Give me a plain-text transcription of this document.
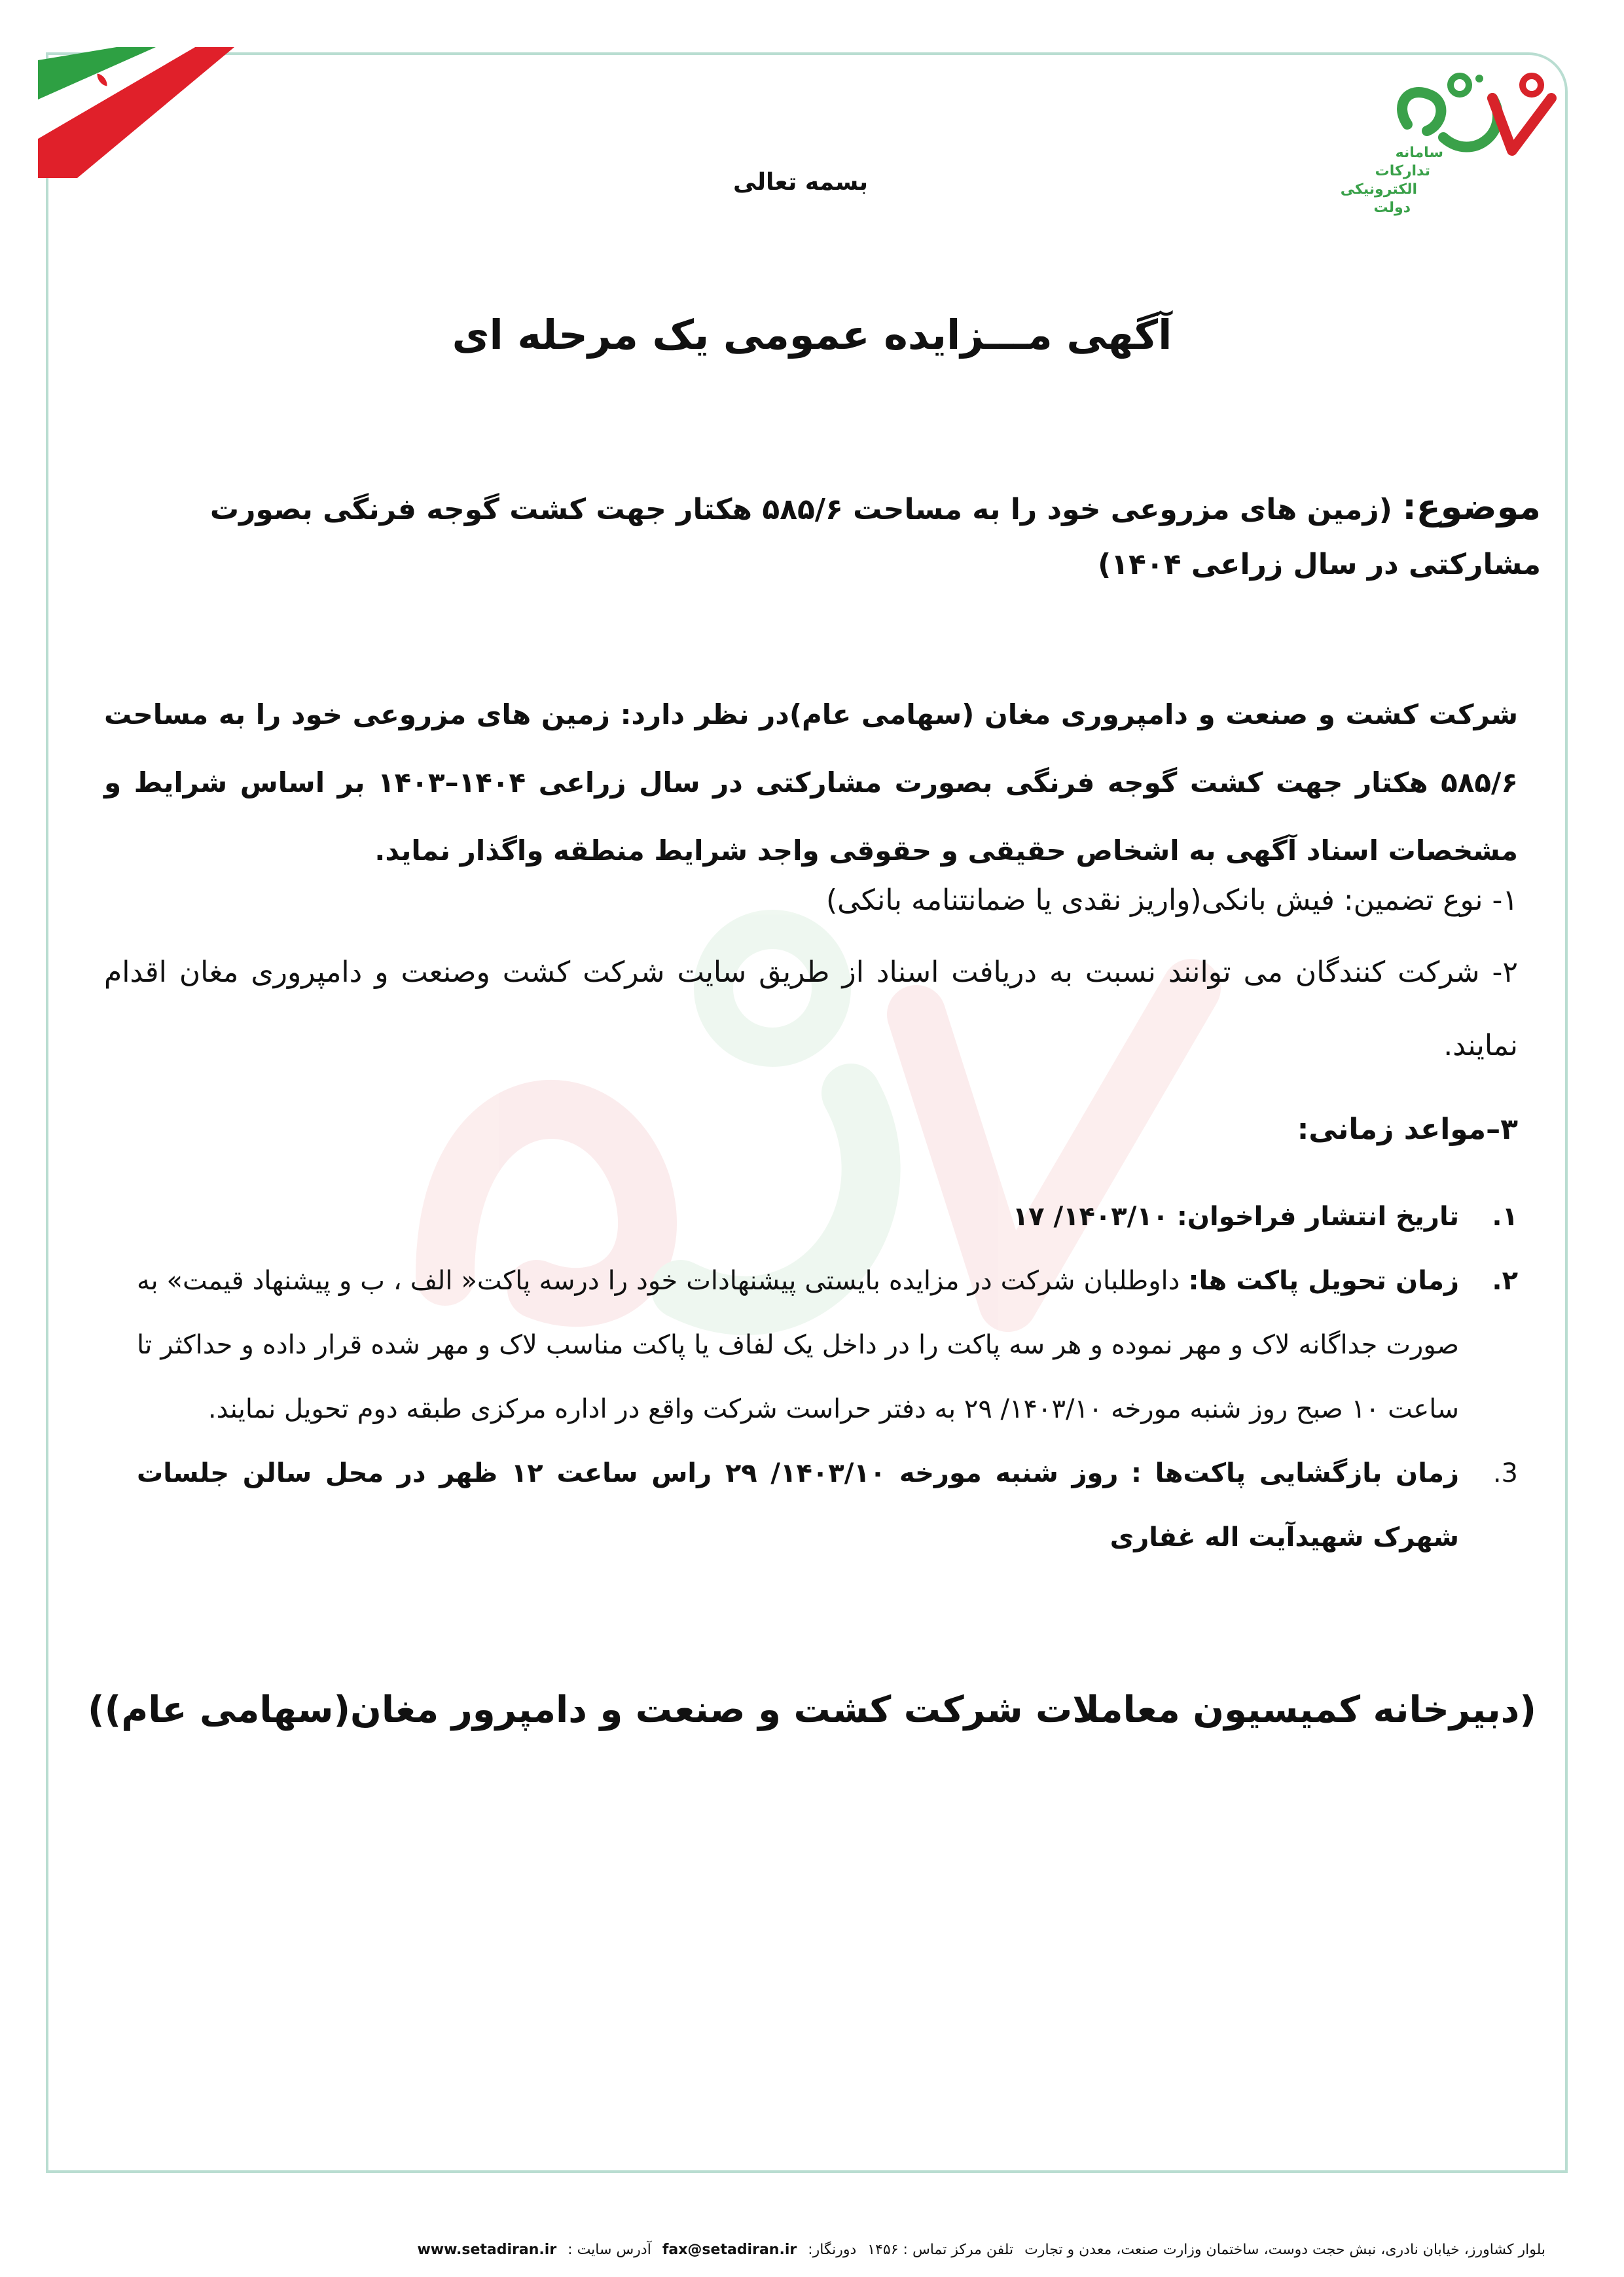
سامانه
تدارکات
الکترونیکی
دولت
بسمه تعالی
آگهی مـــزایده عمومی یک مرحله ای
موضوع: (زمین های مزروعی خود را به مساحت ۵۸۵/۶ هکتار جهت کشت گوجه فرنگی بصورت مشارکتی در سال زراعی ۱۴۰۴)
شرکت کشت و صنعت و دامپروری مغان (سهامی عام)در نظر دارد: زمین های مزروعی خود را به مساحت ۵۸۵/۶ هکتار جهت کشت گوجه فرنگی بصورت مشارکتی در سال زراعی ۱۴۰۴–۱۴۰۳ بر اساس شرایط و مشخصات اسناد آگهی به اشخاص حقیقی و حقوقی واجد شرایط منطقه واگذار نماید.
۱- نوع تضمین: فیش بانکی(واریز نقدی یا ضمانتنامه بانکی)
۲- شرکت کنندگان می توانند نسبت به دریافت اسناد از طریق سایت شرکت کشت وصنعت و دامپروری مغان اقدام نمایند.
۳–مواعد زمانی:
۱.
تاریخ انتشار فراخوان: ۱۴۰۳/۱۰/ ۱۷
۲.
زمان تحویل پاکت ها: داوطلبان شرکت در مزایده بایستی پیشنهادات خود را درسه پاکت« الف ، ب و پیشنهاد قیمت» به صورت جداگانه لاک و مهر نموده و هر سه پاکت را در داخل یک لفاف یا پاکت مناسب لاک و مهر شده قرار داده و حداکثر تا ساعت ۱۰ صبح روز شنبه مورخه ۱۴۰۳/۱۰/ ۲۹ به دفتر حراست شرکت واقع در اداره مرکزی طبقه دوم تحویل نمایند.
3.
زمان بازگشایی پاکت‌ها : روز شنبه مورخه ۱۴۰۳/۱۰/ ۲۹ راس ساعت ۱۲ ظهر در محل سالن جلسات شهرک شهیدآیت اله غفاری
(دبیرخانه کمیسیون معاملات شرکت کشت و صنعت و دامپرور مغان(سهامی عام))
بلوار کشاورز، خیابان نادری، نبش حجت دوست، ساختمان وزارت صنعت، معدن و تجارت تلفن مرکز تماس : ۱۴۵۶ دورنگار: fax@setadiran.ir آدرس سایت : www.setadiran.ir
